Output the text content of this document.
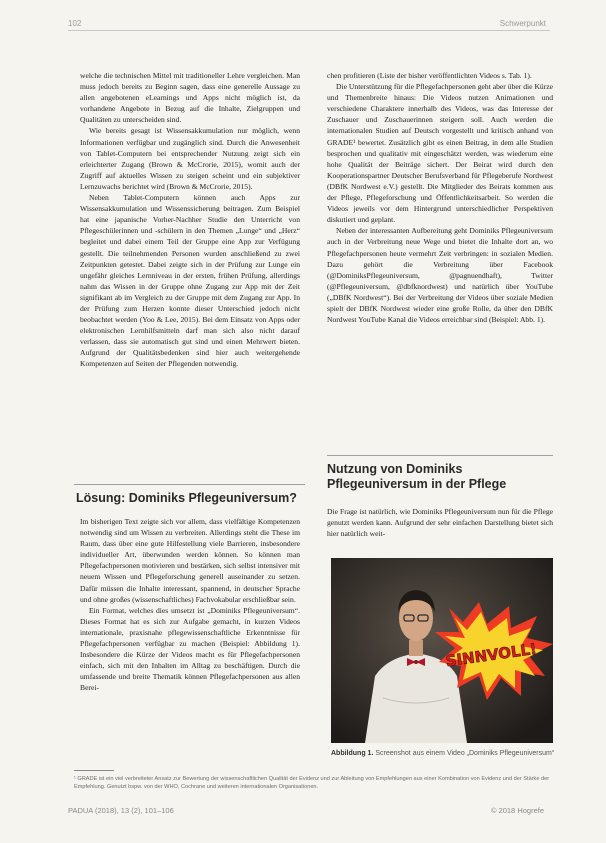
102	Schwerpunkt

welche die technischen Mittel mit traditioneller Lehre vergleichen. Man muss jedoch bereits zu Beginn sagen, dass eine generelle Aussage zu allen angebotenen eLearnings und Apps nicht möglich ist, da vorhandene Angebote in Bezug auf die Inhalte, Zielgruppen und Qualitäten zu unterscheiden sind.

Wie bereits gesagt ist Wissensakkumulation nur möglich, wenn Informationen verfügbar und zugänglich sind. Durch die Anwesenheit von Tablet-Computern bei entsprechender Nutzung zeigt sich ein erleichterter Zugang (Brown & McCrorie, 2015), womit auch der Zugriff auf aktuelles Wissen zu steigen scheint und ein subjektiver Lernzuwachs berichtet wird (Brown & McCrorie, 2015).

Neben Tablet-Computern können auch Apps zur Wissensakkumulation und Wissenssicherung beitragen. Zum Beispiel hat eine japanische Vorher-Nachher Studie den Unterricht von Pflegeschülerinnen und -schülern in den Themen „Lunge“ und „Herz“ begleitet und dabei einem Teil der Gruppe eine App zur Verfügung gestellt. Die teilnehmenden Personen wurden anschließend zu zwei Zeitpunkten getestet. Dabei zeigte sich in der Prüfung zur Lunge ein ungefähr gleiches Lernniveau in der ersten, frühen Prüfung, allerdings nahm das Wissen in der Gruppe ohne Zugang zur App mit der Zeit signifikant ab im Vergleich zu der Gruppe mit dem Zugang zur App. In der Prüfung zum Herzen konnte dieser Unterschied jedoch nicht beobachtet werden (Yoo & Lee, 2015). Bei dem Einsatz von Apps oder elektronischen Lernhilfsmitteln darf man sich also nicht darauf verlassen, dass sie automatisch gut sind und einen Mehrwert bieten. Aufgrund der Qualitätsbedenken sind hier auch weitergehende Kompetenzen auf Seiten der Pflegenden notwendig.

Lösung: Dominiks Pflegeuniversum?

Im bisherigen Text zeigte sich vor allem, dass vielfältige Kompetenzen notwendig sind um Wissen zu verbreiten. Allerdings steht die These im Raum, dass über eine gute Hilfestellung viele Barrieren, insbesondere individueller Art, überwunden werden können. So können man Pflegefachpersonen motivieren und bestärken, sich selbst intensiver mit neuem Wissen und Pflegeforschung generell auseinander zu setzen. Dafür müssen die Inhalte interessant, spannend, in deutscher Sprache und ohne großes (wissenschaftliches) Fachvokabular erschließbar sein.

Ein Format, welches dies umsetzt ist „Dominiks Pflegeuniversum“. Dieses Format hat es sich zur Aufgabe gemacht, in kurzen Videos internationale, praxisnahe pflegewissenschaftliche Erkenntnisse für Pflegefachpersonen verfügbar zu machen (Beispiel: Abbildung 1). Insbesondere die Kürze der Videos macht es für Pflegefachpersonen einfach, sich mit den Inhalten im Alltag zu beschäftigen. Durch die umfassende und breite Thematik können Pflegefachpersonen aus allen Berei-

chen profitieren (Liste der bisher veröffentlichten Videos s. Tab. 1).

Die Unterstützung für die Pflegefachpersonen geht aber über die Kürze und Themenbreite hinaus: Die Videos nutzen Animationen und verschiedene Charaktere innerhalb des Videos, was das Interesse der Zuschauer und Zuschauerinnen steigern soll. Auch werden die internationalen Studien auf Deutsch vorgestellt und kritisch anhand von GRADE¹ bewertet. Zusätzlich gibt es einen Beitrag, in dem alle Studien besprochen und qualitativ mit eingeschätzt werden, was wiederum eine hohe Qualität der Beiträge sichert. Der Beirat wird durch den Kooperationspartner Deutscher Berufsverband für Pflegeberufe Nordwest (DBfK Nordwest e.V.) gestellt. Die Mitglieder des Beirats kommen aus der Pflege, Pflegeforschung und Öffentlichkeitsarbeit. So werden die Videos jeweils vor dem Hintergrund unterschiedlicher Perspektiven diskutiert und geplant.

Neben der interessanten Aufbereitung geht Dominiks Pflegeuniversum auch in der Verbreitung neue Wege und bietet die Inhalte dort an, wo Pflegefachpersonen heute vermehrt Zeit verbringen: in sozialen Medien. Dazu gehört die Verbreitung über Facebook (@DominiksPflegeuniversum, @pagnuendhaft), Twitter (@Pflegeuniversum, @dbfknordwest) und natürlich über YouTube („DBfK Nordwest“). Bei der Verbreitung der Videos über soziale Medien spielt der DBfK Nordwest wieder eine große Rolle, da über den DBfK Nordwest YouTube Kanal die Videos erreichbar sind (Beispiel: Abb. 1).

Nutzung von Dominiks
Pflegeuniversum in der Pflege

Die Frage ist natürlich, wie Dominiks Pflegeuniversum nun für die Pflege genutzt werden kann. Aufgrund der sehr einfachen Darstellung bietet sich hier natürlich weit-

SINNVOLL!
Abbildung 1. Screenshot aus einem Video „Dominiks Pflegeuniversum“
¹ GRADE ist ein viel verbreiteter Ansatz zur Bewertung der wissenschaftlichen Qualität der Evidenz und zur Ableitung von Empfehlungen aus einer Kombination von Evidenz und der Stärke der Empfehlung. Genutzt bspw. von der WHO, Cochrane und weiteren internationalen Organisationen.
PADUA (2018), 13 (2), 101–106	© 2018 Hogrefe
